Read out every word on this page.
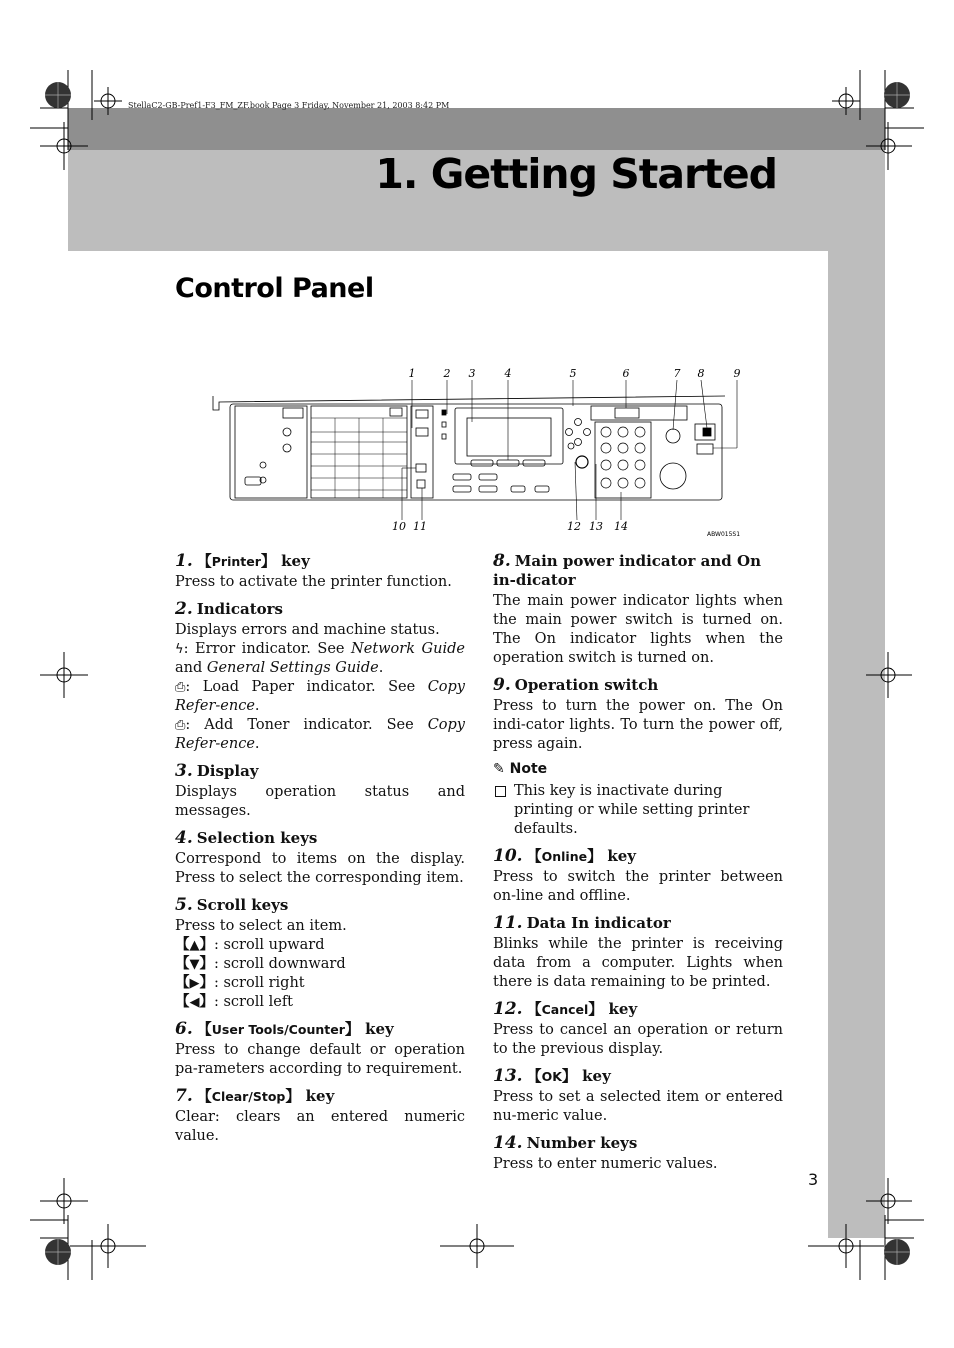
StellaC2-GB-Pref1-F3_FM_ZF.book Page 3 Friday, November 21, 2003 8:42 PM
1. Getting Started
Control Panel
1	2 3	4	5	6	7 8	9
10 11	12 13 14
ABW015S1
1. 【Printer】 key

Press to activate the printer function.

2. Indicators

Displays errors and machine status.

ϟ: Error indicator. See Network Guide and General Settings Guide.

⎙: Load Paper indicator. See Copy Refer-ence.

⎙: Add Toner indicator. See Copy Refer-ence.

3. Display

Displays operation status and messages.

4. Selection keys

Correspond to items on the display. Press to select the corresponding item.

5. Scroll keys

Press to select an item.

【▲】: scroll upward

【▼】: scroll downward

【▶】: scroll right

【◀】: scroll left

6. 【User Tools/Counter】 key

Press to change default or operation pa-rameters according to requirement.

7. 【Clear/Stop】 key

Clear: clears an entered numeric value.

8. Main power indicator and On in-dicator

The main power indicator lights when the main power switch is turned on. The On indicator lights when the operation switch is turned on.

9. Operation switch

Press to turn the power on. The On indi-cator lights. To turn the power off, press again.

✎ Note
This key is inactivate during printing or while setting printer defaults.
10. 【Online】 key

Press to switch the printer between on-line and offline.

11. Data In indicator

Blinks while the printer is receiving data from a computer. Lights when there is data remaining to be printed.

12. 【Cancel】 key

Press to cancel an operation or return to the previous display.

13. 【OK】 key

Press to set a selected item or entered nu-meric value.

14. Number keys

Press to enter numeric values.

3
